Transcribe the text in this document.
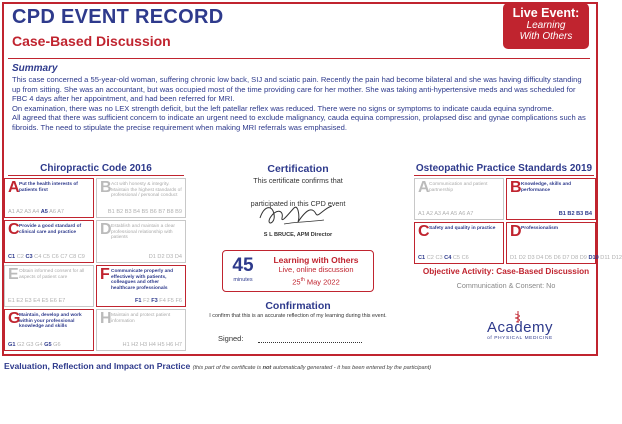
CPD EVENT RECORD
Case-Based Discussion
Live Event:
Learning
With Others
Summary

This case concerned a 55-year-old woman, suffering chronic low back, SIJ and sciatic pain. Recently the pain had become bilateral and she was having difficulty standing up from sitting. She was an accountant, but was occupied most of the time providing care for her mother. She was taking anti-hypertensive meds and was scheduled for FBC 4 days after her appointment, and had been referred for MRI.

On examination, there was no LEX strength deficit, but the left patellar reflex was reduced. There were no signs or symptoms to indicate cauda equina syndrome.

All agreed that there was sufficient concern to indicate an urgent need to exclude malignancy, cauda equina compression, prolapsed disc and gynae complications such as fibroids. The need to stipulate the precise requirement when making MRI referrals was emphasised.

Chiropractic Code 2016
A Put the health interests of patients first
A1 A2 A3 A4 A5 A6 A7
B Act with honesty & integrity. Maintain the highest standards of professional / personal conduct
B1 B2 B3 B4 B5 B6 B7 B8 B9
C Provide a good standard of clinical care and practice
C1 C2 C3 C4 C5 C6 C7 C8 C9
D Establish and maintain a clear professional relationship with patients
D1 D2 D3 D4
E Obtain informed consent for all aspects of patient care
E1 E2 E3 E4 E5 E6 E7
F Communicate properly and effectively with patients, colleagues and other healthcare professionals
F1 F2 F3 F4 F5 F6
G
Maintain, develop and work within your professional knowledge and skills
G1 G2 G3 G4 G5 G6
H Maintain and protect patient information
H1 H2 H3 H4 H5 H6 H7
Certification
This certificate confirms that
participated in this CPD event
S L BRUCE, APM Director
45
minutes
Learning with Others
Live, online discussion
25th May 2022
Confirmation
I confirm that this is an accurate reflection of my learning during this event.
Signed:
Osteopathic Practice Standards 2019
A Communication and patient partnership
A1 A2 A3 A4 A5 A6 A7
B Knowledge, skills and performance
B1 B2 B3 B4
C Safety and quality in practice
C1 C2 C3 C4 C5 C6
D Professionalism
D1 D2 D3 D4 D5 D6 D7 D8 D9 D10 D11 D12
Objective Activity: Case-Based Discussion
Communication & Consent: No
Academy
of PHYSICAL MEDICINE
Evaluation, Reflection and Impact on Practice (this part of the certificate is not automatically generated - it has been entered by the participant)
